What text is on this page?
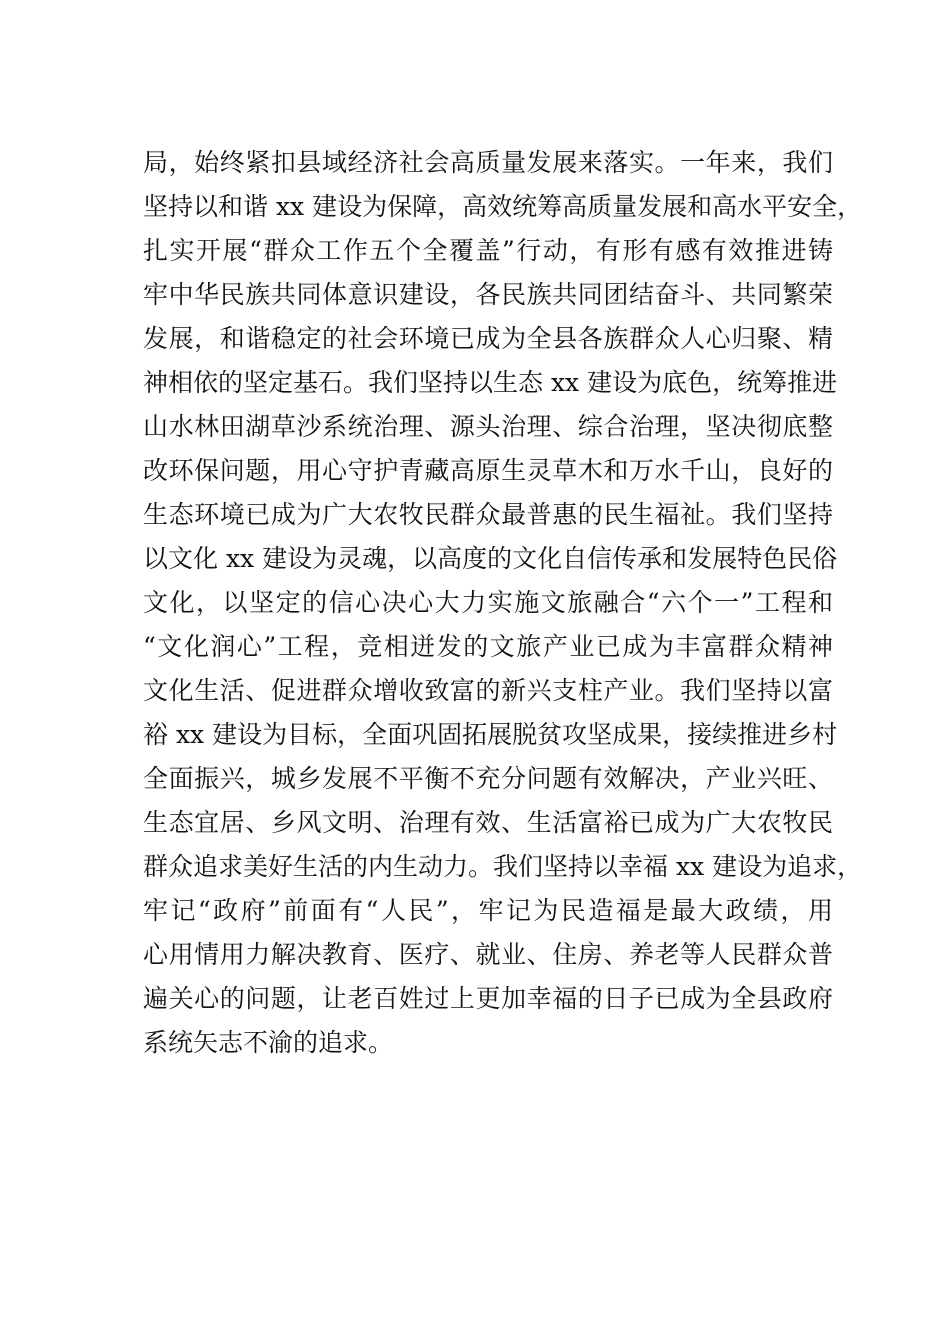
局，始终紧扣县域经济社会高质量发展来落实。一年来，我们
坚持以和谐 xx 建设为保障，高效统筹高质量发展和高水平安全，
扎实开展“群众工作五个全覆盖”行动，有形有感有效推进铸
牢中华民族共同体意识建设，各民族共同团结奋斗、共同繁荣
发展，和谐稳定的社会环境已成为全县各族群众人心归聚、精
神相依的坚定基石。我们坚持以生态 xx 建设为底色，统筹推进
山水林田湖草沙系统治理、源头治理、综合治理，坚决彻底整
改环保问题，用心守护青藏高原生灵草木和万水千山，良好的
生态环境已成为广大农牧民群众最普惠的民生福祉。我们坚持
以文化 xx 建设为灵魂，以高度的文化自信传承和发展特色民俗
文化，以坚定的信心决心大力实施文旅融合“六个一”工程和
“文化润心”工程，竞相迸发的文旅产业已成为丰富群众精神
文化生活、促进群众增收致富的新兴支柱产业。我们坚持以富
裕 xx 建设为目标，全面巩固拓展脱贫攻坚成果，接续推进乡村
全面振兴，城乡发展不平衡不充分问题有效解决，产业兴旺、
生态宜居、乡风文明、治理有效、生活富裕已成为广大农牧民
群众追求美好生活的内生动力。我们坚持以幸福 xx 建设为追求，
牢记“政府”前面有“人民”，牢记为民造福是最大政绩，用
心用情用力解决教育、医疗、就业、住房、养老等人民群众普
遍关心的问题，让老百姓过上更加幸福的日子已成为全县政府
系统矢志不渝的追求。
